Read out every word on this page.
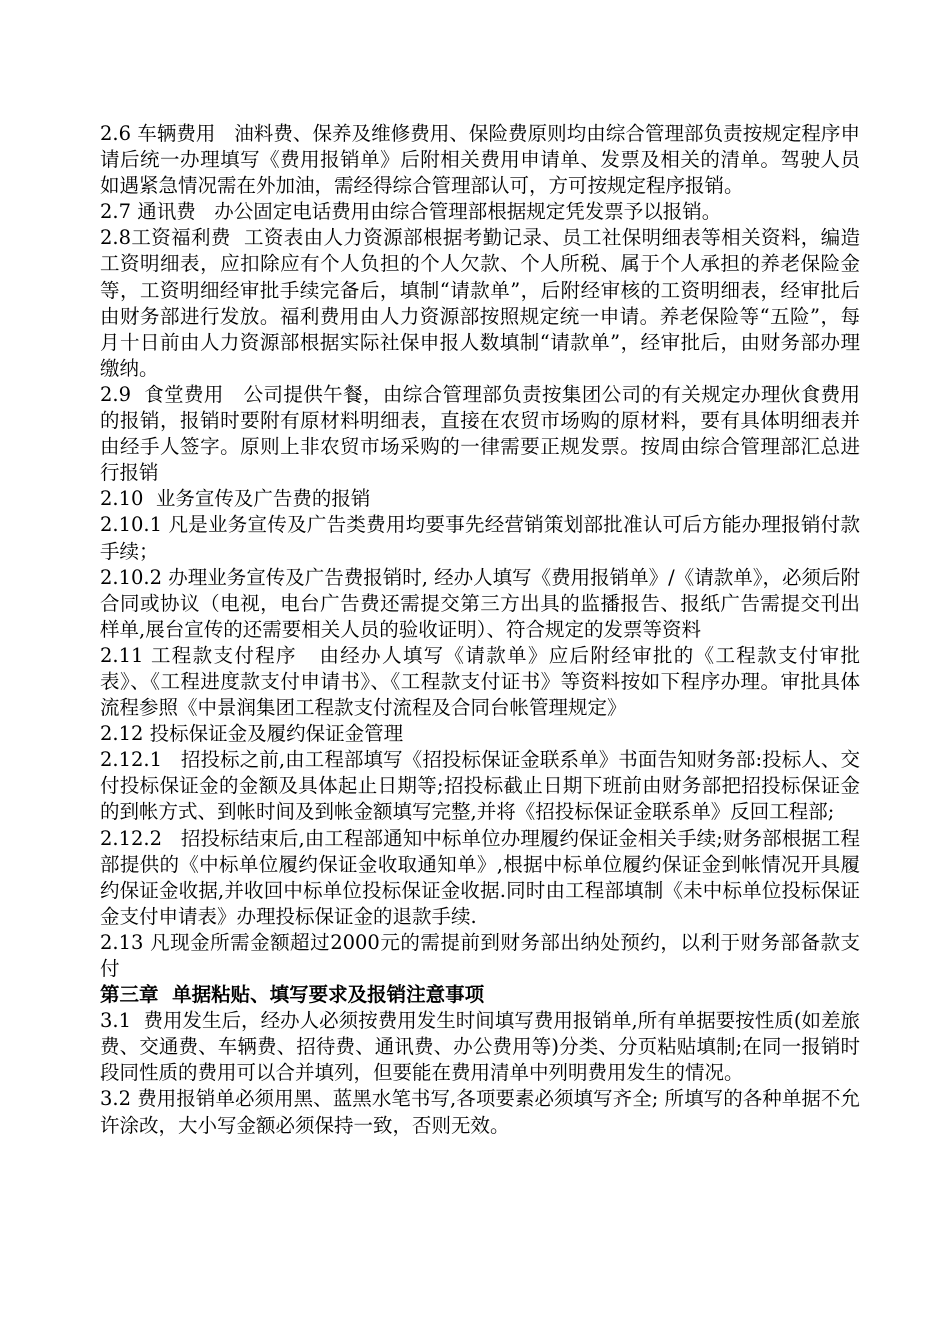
2.6 车辆费用   油料费、保养及维修费用、保险费原则均由综合管理部负责按规定程序申请后统一办理填写《费用报销单》后附相关费用申请单、发票及相关的清单。驾驶人员如遇紧急情况需在外加油，需经得综合管理部认可，方可按规定程序报销。

2.7 通讯费   办公固定电话费用由综合管理部根据规定凭发票予以报销。

2.8工资福利费  工资表由人力资源部根据考勤记录、员工社保明细表等相关资料，编造工资明细表，应扣除应有个人负担的个人欠款、个人所税、属于个人承担的养老保险金等，工资明细经审批手续完备后，填制“请款单”，后附经审核的工资明细表，经审批后由财务部进行发放。福利费用由人力资源部按照规定统一申请。养老保险等“五险”，每月十日前由人力资源部根据实际社保申报人数填制“请款单”，经审批后，由财务部办理缴纳。

2.9  食堂费用   公司提供午餐，由综合管理部负责按集团公司的有关规定办理伙食费用的报销，报销时要附有原材料明细表，直接在农贸市场购的原材料，要有具体明细表并由经手人签字。原则上非农贸市场采购的一律需要正规发票。按周由综合管理部汇总进行报销

2.10  业务宣传及广告费的报销

2.10.1 凡是业务宣传及广告类费用均要事先经营销策划部批准认可后方能办理报销付款手续；

2.10.2 办理业务宣传及广告费报销时, 经办人填写《费用报销单》/《请款单》，必须后附合同或协议（电视，电台广告费还需提交第三方出具的监播报告、报纸广告需提交刊出样单,展台宣传的还需要相关人员的验收证明）、符合规定的发票等资料

2.11 工程款支付程序   由经办人填写《请款单》应后附经审批的《工程款支付审批表》、《工程进度款支付申请书》、《工程款支付证书》等资料按如下程序办理。审批具体流程参照《中景润集团工程款支付流程及合同台帐管理规定》

2.12 投标保证金及履约保证金管理

2.12.1   招投标之前,由工程部填写《招投标保证金联系单》书面告知财务部:投标人、交付投标保证金的金额及具体起止日期等;招投标截止日期下班前由财务部把招投标保证金的到帐方式、到帐时间及到帐金额填写完整,并将《招投标保证金联系单》反回工程部;

2.12.2   招投标结束后,由工程部通知中标单位办理履约保证金相关手续;财务部根据工程部提供的《中标单位履约保证金收取通知单》,根据中标单位履约保证金到帐情况开具履约保证金收据,并收回中标单位投标保证金收据.同时由工程部填制《未中标单位投标保证金支付申请表》办理投标保证金的退款手续.

2.13 凡现金所需金额超过2000元的需提前到财务部出纳处预约，以利于财务部备款支付

第三章  单据粘贴、填写要求及报销注意事项

3.1  费用发生后，经办人必须按费用发生时间填写费用报销单,所有单据要按性质(如差旅费、交通费、车辆费、招待费、通讯费、办公费用等)分类、分页粘贴填制;在同一报销时段同性质的费用可以合并填列，但要能在费用清单中列明费用发生的情况。

3.2 费用报销单必须用黑、蓝黑水笔书写,各项要素必须填写齐全; 所填写的各种单据不允许涂改，大小写金额必须保持一致，否则无效。
